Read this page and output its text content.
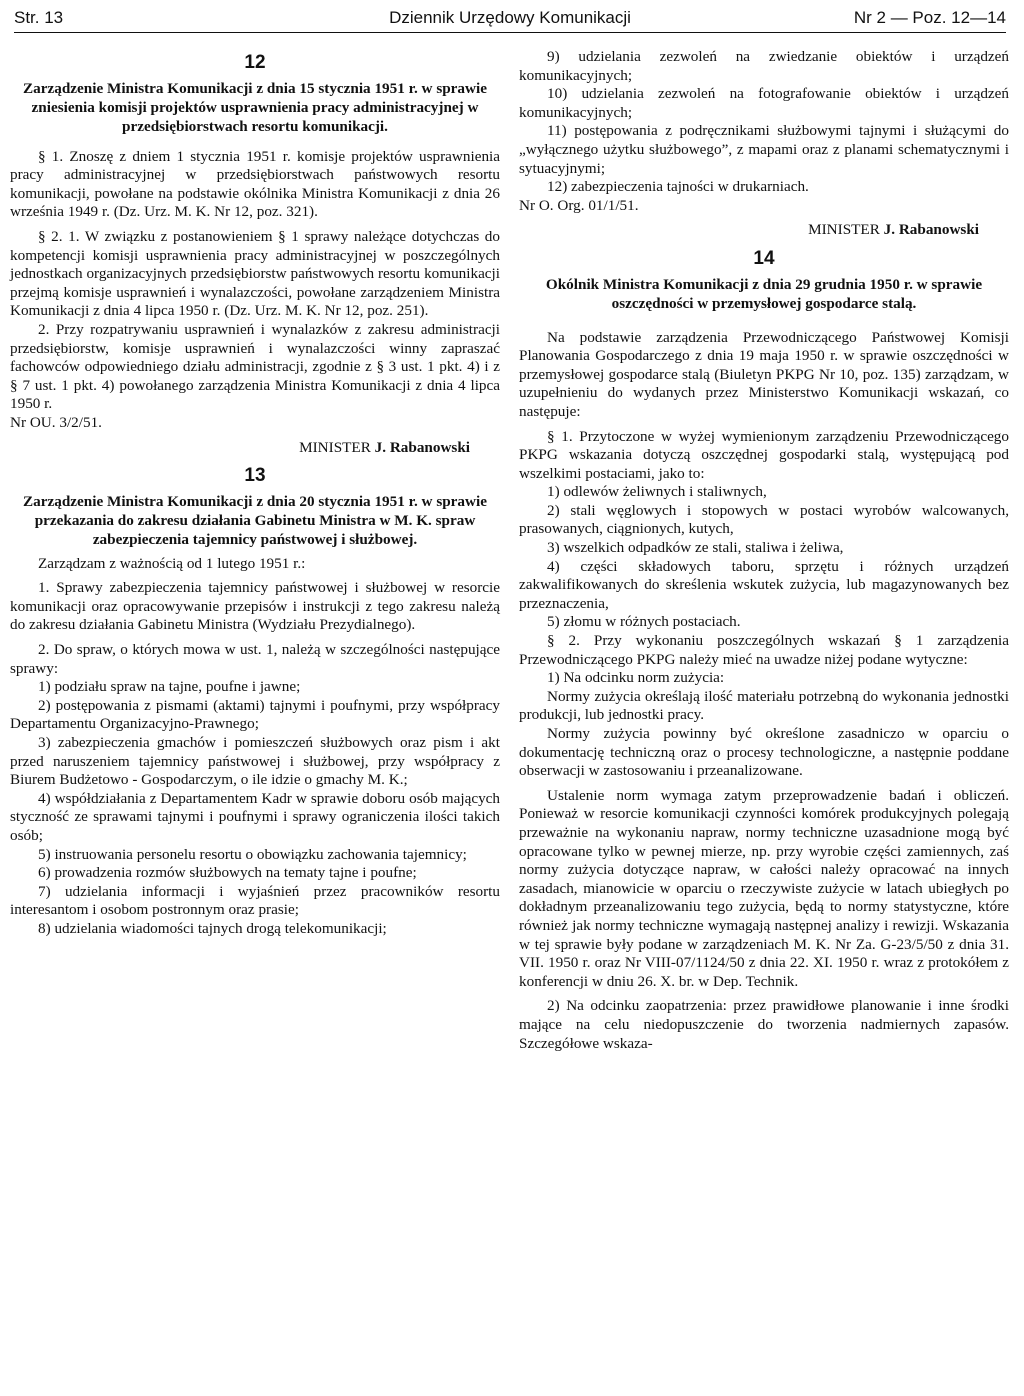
Str. 13	Dziennik Urzędowy Komunikacji	Nr 2 — Poz. 12—14
12

Zarządzenie Ministra Komunikacji z dnia 15 stycznia 1951 r. w sprawie zniesienia komisji projektów usprawnienia pracy administracyjnej w przedsiębiorstwach resortu komunikacji.

§ 1. Znoszę z dniem 1 stycznia 1951 r. komisje projektów usprawnienia pracy administracyjnej w przedsiębiorstwach państwowych resortu komunikacji, powołane na podstawie okólnika Ministra Komunikacji z dnia 26 września 1949 r. (Dz. Urz. M. K. Nr 12, poz. 321).

§ 2. 1. W związku z postanowieniem § 1 sprawy należące dotychczas do kompetencji komisji usprawnienia pracy administracyjnej w poszczególnych jednostkach organizacyjnych przedsiębiorstw państwowych resortu komunikacji przejmą komisje usprawnień i wynalazczości, powołane zarządzeniem Ministra Komunikacji z dnia 4 lipca 1950 r. (Dz. Urz. M. K. Nr 12, poz. 251).

2. Przy rozpatrywaniu usprawnień i wynalazków z zakresu administracji przedsiębiorstw, komisje usprawnień i wynalazczości winny zapraszać fachowców odpowiedniego działu administracji, zgodnie z § 3 ust. 1 pkt. 4) i z § 7 ust. 1 pkt. 4) powołanego zarządzenia Ministra Komunikacji z dnia 4 lipca 1950 r.

Nr OU. 3/2/51.

MINISTER J. Rabanowski

13

Zarządzenie Ministra Komunikacji z dnia 20 stycznia 1951 r. w sprawie przekazania do zakresu działania Gabinetu Ministra w M. K. spraw zabezpieczenia tajemnicy państwowej i służbowej.

Zarządzam z ważnością od 1 lutego 1951 r.:

1. Sprawy zabezpieczenia tajemnicy państwowej i służbowej w resorcie komunikacji oraz opracowywanie przepisów i instrukcji z tego zakresu należą do zakresu działania Gabinetu Ministra (Wydziału Prezydialnego).

2. Do spraw, o których mowa w ust. 1, należą w szczególności następujące sprawy:

1) podziału spraw na tajne, poufne i jawne;

2) postępowania z pismami (aktami) tajnymi i poufnymi, przy współpracy Departamentu Organizacyjno-Prawnego;

3) zabezpieczenia gmachów i pomieszczeń służbowych oraz pism i akt przed naruszeniem tajemnicy państwowej i służbowej, przy współpracy z Biurem Budżetowo - Gospodarczym, o ile idzie o gmachy M. K.;

4) współdziałania z Departamentem Kadr w sprawie doboru osób mających styczność ze sprawami tajnymi i poufnymi i sprawy ograniczenia ilości takich osób;

5) instruowania personelu resortu o obowiązku zachowania tajemnicy;

6) prowadzenia rozmów służbowych na tematy tajne i poufne;

7) udzielania informacji i wyjaśnień przez pracowników resortu interesantom i osobom postronnym oraz prasie;

8) udzielania wiadomości tajnych drogą telekomunikacji;

9) udzielania zezwoleń na zwiedzanie obiektów i urządzeń komunikacyjnych;

10) udzielania zezwoleń na fotografowanie obiektów i urządzeń komunikacyjnych;

11) postępowania z podręcznikami służbowymi tajnymi i służącymi do „wyłącznego użytku służbowego”, z mapami oraz z planami schematycznymi i sytuacyjnymi;

12) zabezpieczenia tajności w drukarniach.

Nr O. Org. 01/1/51.

MINISTER J. Rabanowski

14

Okólnik Ministra Komunikacji z dnia 29 grudnia 1950 r. w sprawie oszczędności w przemysłowej gospodarce stalą.

Na podstawie zarządzenia Przewodniczącego Państwowej Komisji Planowania Gospodarczego z dnia 19 maja 1950 r. w sprawie oszczędności w przemysłowej gospodarce stalą (Biuletyn PKPG Nr 10, poz. 135) zarządzam, w uzupełnieniu do wydanych przez Ministerstwo Komunikacji wskazań, co następuje:

§ 1. Przytoczone w wyżej wymienionym zarządzeniu Przewodniczącego PKPG wskazania dotyczą oszczędnej gospodarki stalą, występującą pod wszelkimi postaciami, jako to:

1) odlewów żeliwnych i staliwnych,

2) stali węglowych i stopowych w postaci wyrobów walcowanych, prasowanych, ciągnionych, kutych,

3) wszelkich odpadków ze stali, staliwa i żeliwa,

4) części składowych taboru, sprzętu i różnych urządzeń zakwalifikowanych do skreślenia wskutek zużycia, lub magazynowanych bez przeznaczenia,

5) złomu w różnych postaciach.

§ 2. Przy wykonaniu poszczególnych wskazań § 1 zarządzenia Przewodniczącego PKPG należy mieć na uwadze niżej podane wytyczne:

1) Na odcinku norm zużycia:

Normy zużycia określają ilość materiału potrzebną do wykonania jednostki produkcji, lub jednostki pracy.

Normy zużycia powinny być określone zasadniczo w oparciu o dokumentację techniczną oraz o procesy technologiczne, a następnie poddane obserwacji w zastosowaniu i przeanalizowane.

Ustalenie norm wymaga zatym przeprowadzenie badań i obliczeń. Ponieważ w resorcie komunikacji czynności komórek produkcyjnych polegają przeważnie na wykonaniu napraw, normy techniczne uzasadnione mogą być opracowane tylko w pewnej mierze, np. przy wyrobie części zamiennych, zaś normy zużycia dotyczące napraw, w całości należy opracować na innych zasadach, mianowicie w oparciu o rzeczywiste zużycie w latach ubiegłych po dokładnym przeanalizowaniu tego zużycia, będą to normy statystyczne, które również jak normy techniczne wymagają następnej analizy i rewizji. Wskazania w tej sprawie były podane w zarządzeniach M. K. Nr Za. G-23/5/50 z dnia 31. VII. 1950 r. oraz Nr VIII-07/1124/50 z dnia 22. XI. 1950 r. wraz z protokółem z konferencji w dniu 26. X. br. w Dep. Technik.

2) Na odcinku zaopatrzenia: przez prawidłowe planowanie i inne środki mające na celu niedopuszczenie do tworzenia nadmiernych zapasów. Szczegółowe wskaza-
